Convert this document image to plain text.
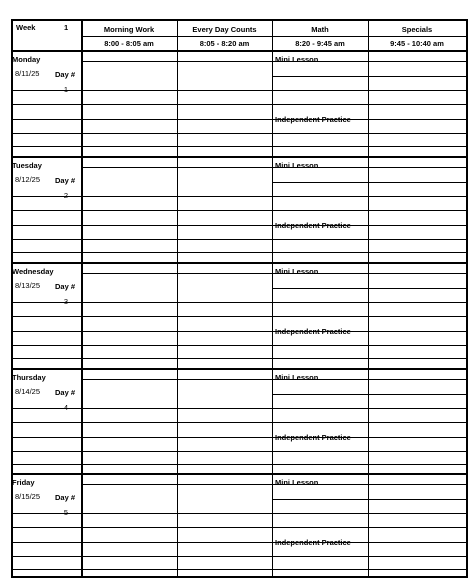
Week	1	Morning Work
8:00 - 8:05 am
Every Day Counts
8:05 - 8:20 am
Math
8:20 - 9:45 am
Specials
9:45 - 10:40 am
Monday
8/11/25 Day #
1
Mini Lesson
Independent Practice
Tuesday
8/12/25 Day #
2
Mini Lesson
Independent Practice
Wednesday
8/13/25 Day #
3
Mini Lesson
Independent Practice
Thursday
8/14/25 Day #
4
Mini Lesson
Independent Practice
Friday
8/15/25 Day #
5
Mini Lesson
Independent Practice
